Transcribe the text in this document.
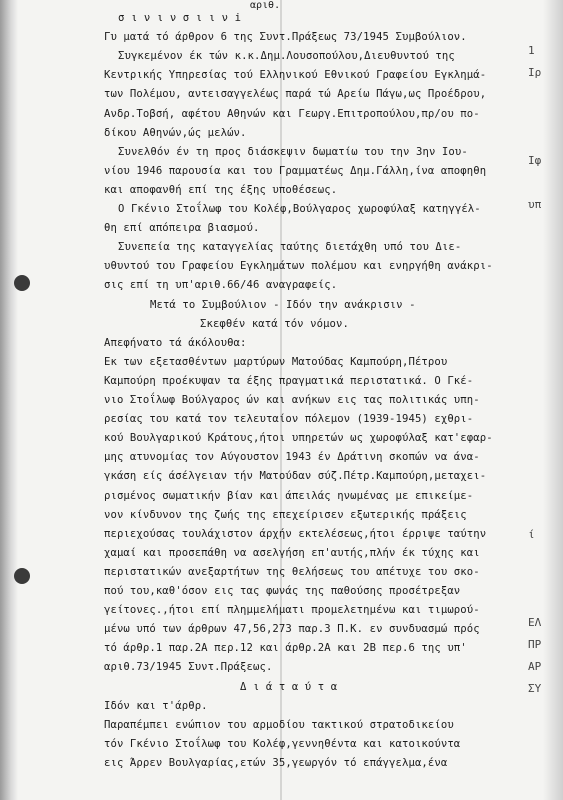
αριθ.
σ ι ν ι ν σ ι ι ν i
Γυ ματά τό άρθρον 6 της Συντ.Πράξεως 73/1945 Συμβούλιον.
Συγκεμένον έκ τών κ.κ.Δημ.Λουσοπούλου,Διευθυντού της
Κεντρικής Υπηρεσίας τού Ελληνικού Εθνικού Γραφείου Εγκλημά-
των Πολέμου, αντεισαγγελέως παρά τώ Αρείω Πάγω,ως Προέδρου,
Ανδρ.Τοβσή, αφέτου Αθηνών και Γεωργ.Επιτροπούλου,πρ/ου πο-
δίκου Αθηνών,ώς μελών.
Συνελθόν έν τη προς διάσκεψιν δωματίω του την 3ην Ιου-
νίου 1946 παρουσία και του Γραμματέως Δημ.Γάλλη,ίνα αποφηθη
και αποφανθή επί της έξης υποθέσεως.
Ο Γκένιο Στοΐλωφ του Κολέφ,Βούλγαρος χωροφύλαξ κατηγγέλ-
θη επί απόπειρα βιασμού.
Συνεπεία της καταγγελίας ταύτης διετάχθη υπό του Διε-
υθυντού του Γραφείου Εγκλημάτων πολέμου και ενηργήθη ανάκρι-
σις επί τη υπ'αριθ.66/46 αναγραφείς.
Μετά το Συμβούλιον - Ιδόν την ανάκρισιν -
Σκεφθέν κατά τόν νόμον.
Απεφήνατο τά άκόλουθα:
Εκ των εξετασθέντων μαρτύρων Ματούδας Καμπούρη,Πέτρου
Καμπούρη προέκυψαν τα έξης πραγματικά περιστατικά. Ο Γκέ-
νιο Στοΐλωφ Βούλγαρος ών και ανήκων εις τας πολιτικάς υπη-
ρεσίας του κατά τον τελευταίον πόλεμον (1939-1945) εχθρι-
κού Βουλγαρικού Κράτους,ήτοι υπηρετών ως χωροφύλαξ κατ'εφαρ-
μης ατυνομίας τον Αύγουστον 1943 έν Δράτινη σκοπών να άνα-
γκάση είς άσέλγειαν τήν Ματούδαν σύζ.Πέτρ.Καμπούρη,μεταχει-
ρισμένος σωματικήν βίαν και άπειλάς ηνωμένας με επικείμε-
νον κίνδυνον της ζωής της επεχείρισεν εξωτερικής πράξεις
περιεχούσας τουλάχιστον άρχήν εκτελέσεως,ήτοι έρριψε ταύτην
χαμαί και προσεπάθη να ασελγήση επ'αυτής,πλήν έκ τύχης και
περιστατικών ανεξαρτήτων της θελήσεως του απέτυχε του σκο-
πού του,καθ'όσον εις τας φωνάς της παθούσης προσέτρεξαν
γείτονες.,ήτοι επί πλημμελήματι προμελετημένω και τιμωρού-
μένω υπό των άρθρων 47,56,273 παρ.3 Π.Κ. εν συνδυασμώ πρός
τό άρθρ.1 παρ.2Α περ.12 και άρθρ.2Α και 2Β περ.6 της υπ'
αριθ.73/1945 Συντ.Πράξεως.
Δ ι ά τ α ύ τ α
Ιδόν και τ'άρθρ.
Παραπέμπει ενώπιον του αρμοδίου τακτικού στρατοδικείου
τόν Γκένιο Στοΐλωφ του Κολέφ,γεννηθέντα και κατοικούντα
εις Άρρεν Βουλγαρίας,ετών 35,γεωργόν τό επάγγελμα,ένα
1
Ιρ

Ιφ

υπ

ί

ΕΛ
ΠΡ
ΑΡ
ΣΥ
